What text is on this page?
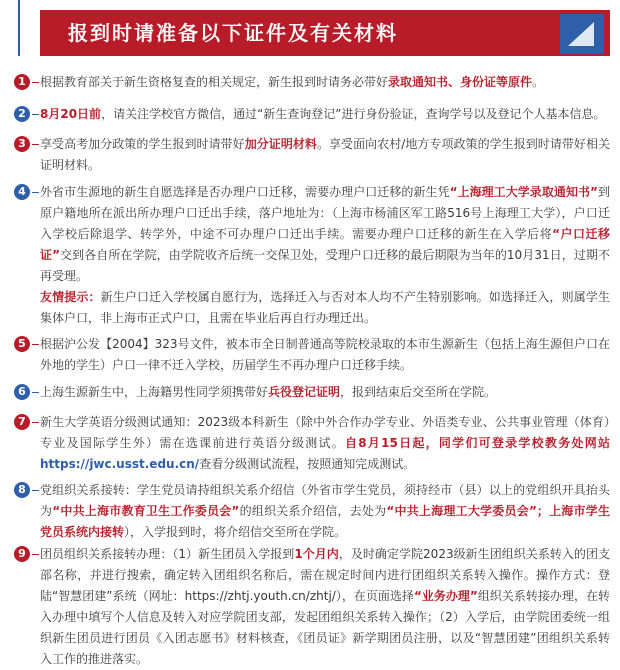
报到时请准备以下证件及有关材料
1	根据教育部关于新生资格复查的相关规定，新生报到时请务必带好录取通知书、身份证等原件。
2	8月20日前，请关注学校官方微信，通过“新生查询登记”进行身份验证，查询学号以及登记个人基本信息。
3	享受高考加分政策的学生报到时请带好加分证明材料。享受面向农村/地方专项政策的学生报到时请带好相关证明材料。
4	外省市生源地的新生自愿选择是否办理户口迁移，需要办理户口迁移的新生凭“上海理工大学录取通知书”到原户籍地所在派出所办理户口迁出手续，落户地址为：（上海市杨浦区军工路516号上海理工大学），户口迁入学校后除退学、转学外，中途不可办理户口迁出手续。需要办理户口迁移的新生在入学后将“户口迁移证”交到各自所在学院，由学院收齐后统一交保卫处，受理户口迁移的最后期限为当年的10月31日，过期不再受理。
友情提示：新生户口迁入学校属自愿行为，选择迁入与否对本人均不产生特别影响。如选择迁入，则属学生集体户口，非上海市正式户口，且需在毕业后再自行办理迁出。
5	根据沪公发【2004】323号文件，被本市全日制普通高等院校录取的本市生源新生（包括上海生源但户口在外地的学生）户口一律不迁入学校，历届学生不再办理户口迁移手续。
6	上海生源新生中，上海籍男性同学须携带好兵役登记证明，报到结束后交至所在学院。
7	新生大学英语分级测试通知：2023级本科新生（除中外合作办学专业、外语类专业、公共事业管理（体育）专业及国际学生外）需在选课前进行英语分级测试。自8月15日起，同学们可登录学校教务处网站 https://jwc.usst.edu.cn/查看分级测试流程，按照通知完成测试。
8	党组织关系接转：学生党员请持组织关系介绍信（外省市学生党员，须持经市（县）以上的党组织开具抬头为“中共上海市教育卫生工作委员会”的组织关系介绍信，去处为“中共上海理工大学委员会”；上海市学生党员系统内接转），入学报到时，将介绍信交至所在学院。
9	团员组织关系接转办理：（1）新生团员入学报到1个月内，及时确定学院2023级新生团组织关系转入的团支部名称，并进行搜索，确定转入团组织名称后，需在规定时间内进行团组织关系转入操作。操作方式：登陆“智慧团建”系统（网址：https://zhtj.youth.cn/zhtj/），在页面选择“业务办理”组织关系转接办理，在转入办理中填写个人信息及转入对应学院团支部，发起团组织关系转入操作；（2）入学后，由学院团委统一组织新生团员进行团员《入团志愿书》材料核查，《团员证》新学期团员注册，以及“智慧团建”团组织关系转入工作的推进落实。
